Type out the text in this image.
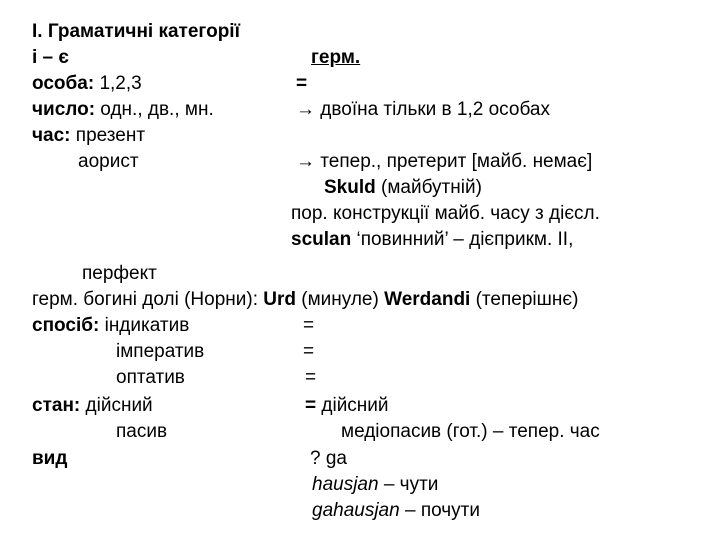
I. Граматичні категорії
і – є
особа: 1,2,3
число: одн., дв., мн.
час: презент
аорист
перфект
герм. богині долі (Норни): Urd (минуле) Werdandi (теперішнє)
спосіб: індикатив
імператив
оптатив
стан: дійсний
пасив
вид
герм.
=
→ двоїна тільки в 1,2 особах
→ тепер., претерит [майб. немає]
Skuld (майбутній)
пор. конструкції майб. часу з дієсл.
sculan ‘повинний’ – дієприкм. II,
=
=
=
= дійсний
медіопасив (гот.) – тепер. час
? ga
hausjan – чути
gahausjan – почути
